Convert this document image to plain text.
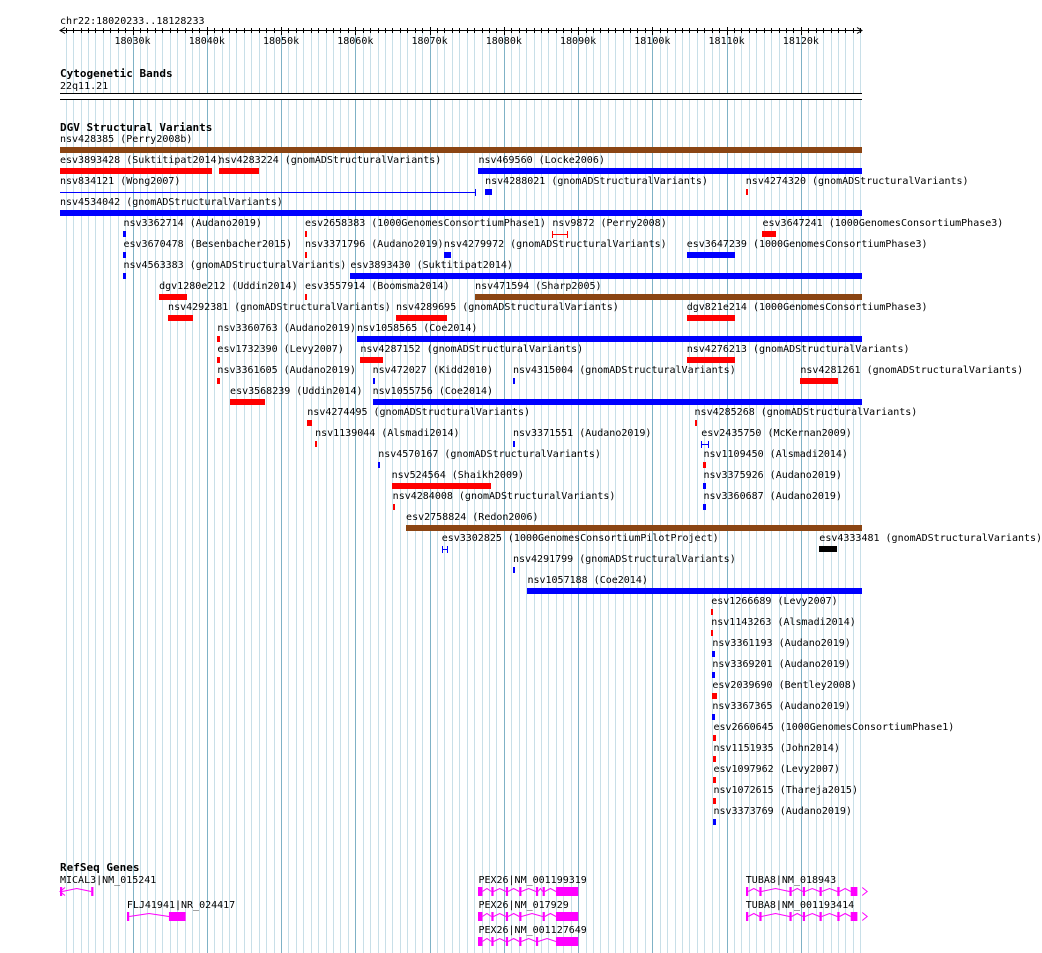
chr22:18020233..18128233
18030k	18040k	18050k	18060k	18070k	18080k	18090k	18100k	18110k	18120k
Cytogenetic Bands
22q11.21
DGV Structural Variants
nsv428385 (Perry2008b)
esv3893428 (Suktitipat2014)
nsv4283224 (gnomADStructuralVariants)	nsv469560 (Locke2006)
nsv834121 (Wong2007)	nsv4288021 (gnomADStructuralVariants)	nsv4274320 (gnomADStructuralVariants)
nsv4534042 (gnomADStructuralVariants)
nsv3362714 (Audano2019)	esv2658383 (1000GenomesConsortiumPhase1) nsv9872 (Perry2008)	esv3647241 (1000GenomesConsortiumPhase3)
esv3670478 (Besenbacher2015) nsv3371796 (Audano2019) nsv4279972 (gnomADStructuralVariants) esv3647239 (1000GenomesConsortiumPhase3)
nsv4563383 (gnomADStructuralVariants) esv3893430 (Suktitipat2014)
dgv1280e212 (Uddin2014) esv3557914 (Boomsma2014)	nsv471594 (Sharp2005)
nsv4292381 (gnomADStructuralVariants) nsv4289695 (gnomADStructuralVariants)	dgv821e214 (1000GenomesConsortiumPhase3)
nsv3360763 (Audano2019) nsv1058565 (Coe2014)
esv1732390 (Levy2007) nsv4287152 (gnomADStructuralVariants)	nsv4276213 (gnomADStructuralVariants)
nsv3361605 (Audano2019) nsv472027 (Kidd2010) nsv4315004 (gnomADStructuralVariants)	nsv4281261 (gnomADStructuralVariants)
esv3568239 (Uddin2014) nsv1055756 (Coe2014)
nsv4274495 (gnomADStructuralVariants)	nsv4285268 (gnomADStructuralVariants)
nsv1139044 (Alsmadi2014)	nsv3371551 (Audano2019)	esv2435750 (McKernan2009)
nsv4570167 (gnomADStructuralVariants)	nsv1109450 (Alsmadi2014)
nsv524564 (Shaikh2009)	nsv3375926 (Audano2019)
nsv4284008 (gnomADStructuralVariants)	nsv3360687 (Audano2019)
esv2758824 (Redon2006)
esv3302825 (1000GenomesConsortiumPilotProject)	esv4333481 (gnomADStructuralVariants)
nsv4291799 (gnomADStructuralVariants)
nsv1057188 (Coe2014)
esv1266689 (Levy2007)
nsv1143263 (Alsmadi2014)
nsv3361193 (Audano2019)
nsv3369201 (Audano2019)
esv2039690 (Bentley2008)
nsv3367365 (Audano2019)
esv2660645 (1000GenomesConsortiumPhase1)
nsv1151935 (John2014)
esv1097962 (Levy2007)
nsv1072615 (Thareja2015)
nsv3373769 (Audano2019)
RefSeq Genes
MICAL3|NM_015241
FLJ41941|NR_024417
PEX26|NM_001199319
PEX26|NM_017929
PEX26|NM_001127649
TUBA8|NM_018943
TUBA8|NM_001193414
